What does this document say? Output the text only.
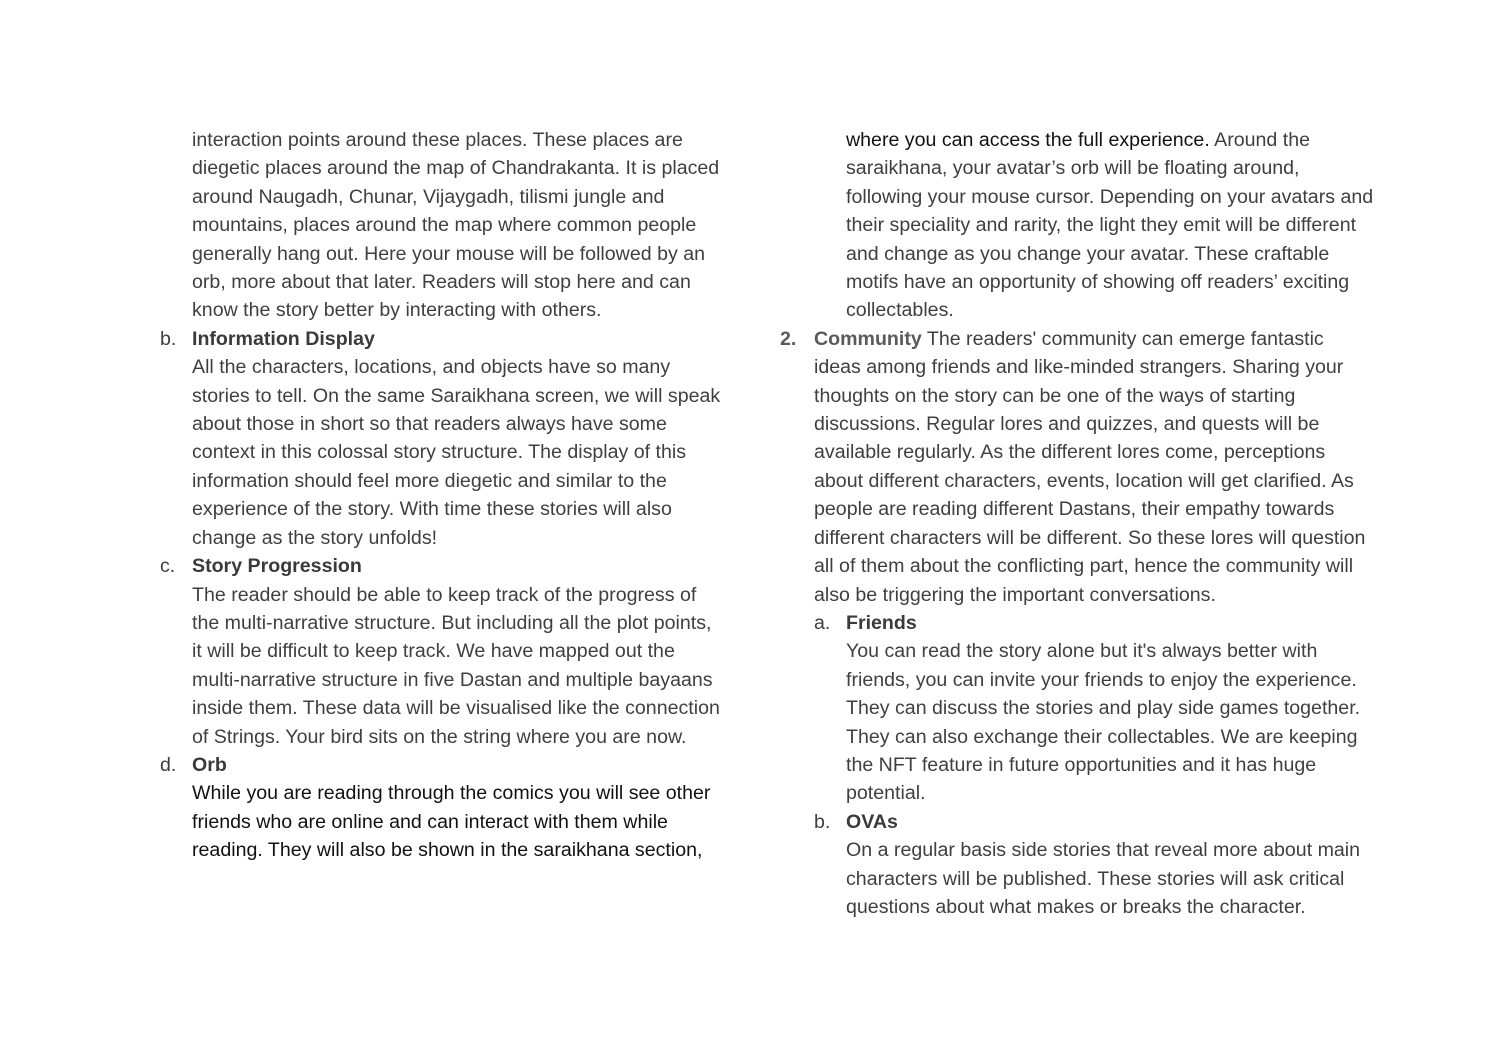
interaction points around these places. These places are diegetic places around the map of Chandrakanta. It is placed around Naugadh, Chunar, Vijaygadh, tilismi jungle and mountains, places around the map where common people generally hang out. Here your mouse will be followed by an orb, more about that later. Readers will stop here and can know the story better by interacting with others.

b. Information Display
All the characters, locations, and objects have so many stories to tell. On the same Saraikhana screen, we will speak about those in short so that readers always have some context in this colossal story structure. The display of this information should feel more diegetic and similar to the experience of the story. With time these stories will also change as the story unfolds!
c. Story Progression
The reader should be able to keep track of the progress of the multi-narrative structure. But including all the plot points, it will be difficult to keep track. We have mapped out the multi-narrative structure in five Dastan and multiple bayaans inside them. These data will be visualised like the connection of Strings. Your bird sits on the string where you are now.
d. Orb
While you are reading through the comics you will see other friends who are online and can interact with them while reading. They will also be shown in the saraikhana section,

where you can access the full experience. Around the saraikhana, your avatar’s orb will be floating around, following your mouse cursor. Depending on your avatars and their speciality and rarity, the light they emit will be different and change as you change your avatar. These craftable motifs have an opportunity of showing off readers’ exciting collectables.

2. Community The readers' community can emerge fantastic ideas among friends and like-minded strangers. Sharing your thoughts on the story can be one of the ways of starting discussions. Regular lores and quizzes, and quests will be available regularly. As the different lores come, perceptions about different characters, events, location will get clarified. As people are reading different Dastans, their empathy towards different characters will be different. So these lores will question all of them about the conflicting part, hence the community will also be triggering the important conversations.
a. Friends
You can read the story alone but it's always better with friends, you can invite your friends to enjoy the experience. They can discuss the stories and play side games together. They can also exchange their collectables. We are keeping the NFT feature in future opportunities and it has huge potential.
b. OVAs
On a regular basis side stories that reveal more about main characters will be published. These stories will ask critical questions about what makes or breaks the character.
